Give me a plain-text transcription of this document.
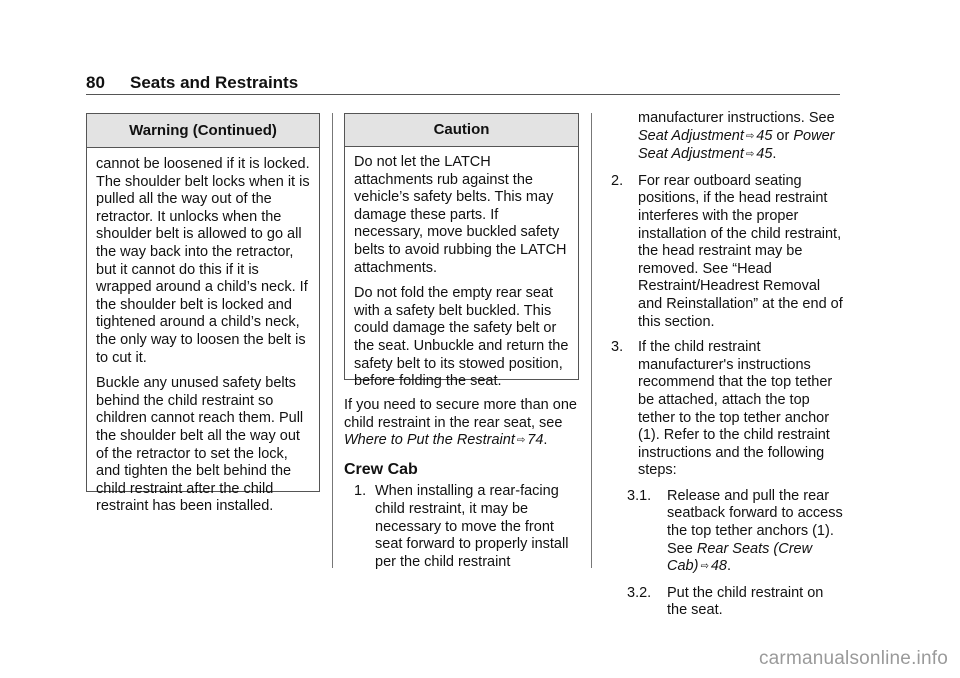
80 Seats and Restraints
Warning (Continued)

cannot be loosened if it is locked. The shoulder belt locks when it is pulled all the way out of the retractor. It unlocks when the shoulder belt is allowed to go all the way back into the retractor, but it cannot do this if it is wrapped around a child’s neck. If the shoulder belt is locked and tightened around a child’s neck, the only way to loosen the belt is to cut it.

Buckle any unused safety belts behind the child restraint so children cannot reach them. Pull the shoulder belt all the way out of the retractor to set the lock, and tighten the belt behind the child restraint after the child restraint has been installed.

Caution

Do not let the LATCH attachments rub against the vehicle’s safety belts. This may damage these parts. If necessary, move buckled safety belts to avoid rubbing the LATCH attachments.

Do not fold the empty rear seat with a safety belt buckled. This could damage the safety belt or the seat. Unbuckle and return the safety belt to its stowed position, before folding the seat.

If you need to secure more than one child restraint in the rear seat, see Where to Put the Restraint ⇨ 74.

Crew Cab

1. When installing a rear-facing child restraint, it may be necessary to move the front seat forward to properly install per the child restraint
manufacturer instructions. See Seat Adjustment ⇨ 45 or Power Seat Adjustment ⇨ 45.
2. For rear outboard seating positions, if the head restraint interferes with the proper installation of the child restraint, the head restraint may be removed. See “Head Restraint/Headrest Removal and Reinstallation” at the end of this section.
3. If the child restraint manufacturer's instructions recommend that the top tether be attached, attach the top tether to the top tether anchor (1). Refer to the child restraint instructions and the following steps:
3.1. Release and pull the rear seatback forward to access the top tether anchors (1). See Rear Seats (Crew Cab) ⇨ 48.
3.2. Put the child restraint on the seat.
carmanualsonline.info
